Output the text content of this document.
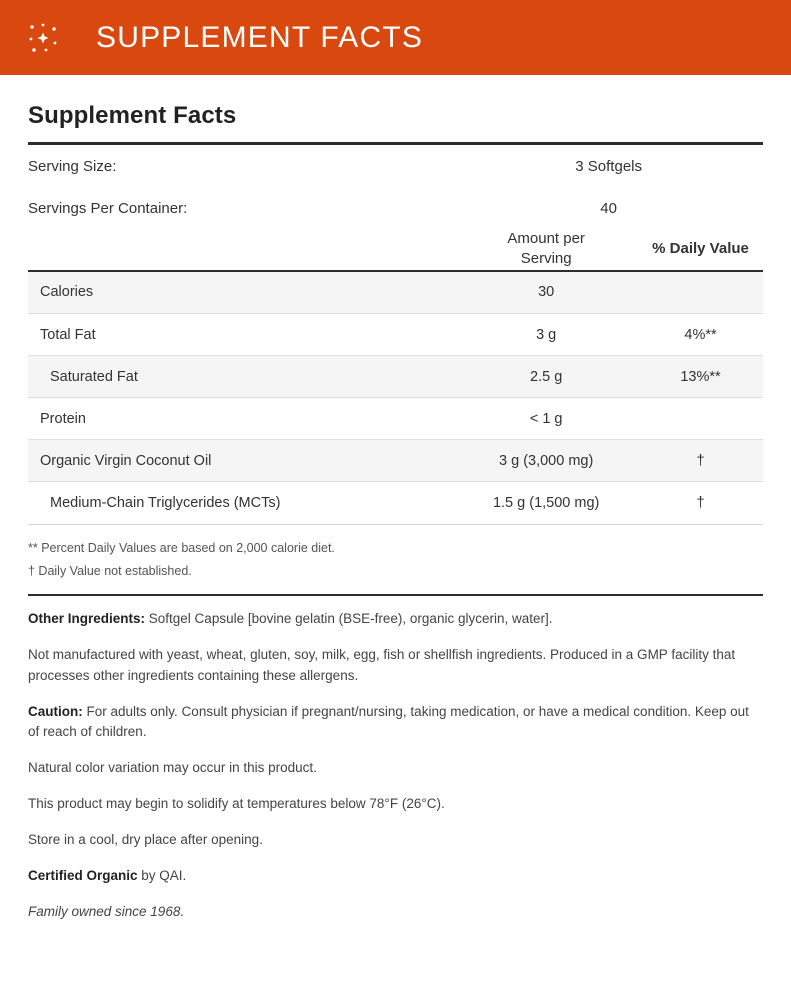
SUPPLEMENT FACTS
Supplement Facts
Serving Size:	3 Softgels
Servings Per Container:	40

Amount per
Serving
	% Daily Value
Calories	30	
Total Fat	3 g	4%**
Saturated Fat	2.5 g	13%**
Protein	< 1 g	
Organic Virgin Coconut Oil	3 g (3,000 mg)	†
Medium-Chain Triglycerides (MCTs)	1.5 g (1,500 mg)	†
** Percent Daily Values are based on 2,000 calorie diet.
† Daily Value not established.

Other Ingredients: Softgel Capsule [bovine gelatin (BSE-free), organic glycerin, water].

Not manufactured with yeast, wheat, gluten, soy, milk, egg, fish or shellfish ingredients. Produced in a GMP facility that processes other ingredients containing these allergens.

Caution: For adults only. Consult physician if pregnant/nursing, taking medication, or have a medical condition. Keep out of reach of children.

Natural color variation may occur in this product.

This product may begin to solidify at temperatures below 78°F (26°C).

Store in a cool, dry place after opening.

Certified Organic by QAI.

Family owned since 1968.
